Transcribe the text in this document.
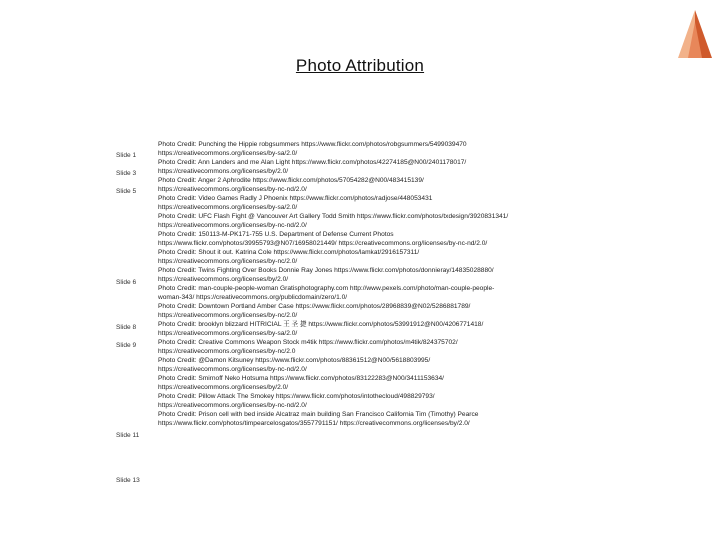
Photo Attribution
Slide 1
Slide 3
Slide 5
Slide 6
Slide 8
Slide 9
Slide 11
Slide 13
Photo Credit: Punching the Hippie robgsummers https://www.flickr.com/photos/robgsummers/5499039470
https://creativecommons.org/licenses/by-sa/2.0/
Photo Credit: Ann Landers and me Alan Light https://www.flickr.com/photos/42274185@N00/2401178017/
https://creativecommons.org/licenses/by/2.0/
Photo Credit: Anger 2 Aphrodite https://www.flickr.com/photos/57054282@N00/483415139/
https://creativecommons.org/licenses/by-nc-nd/2.0/
Photo Credit: Video Games Radly J Phoenix https://www.flickr.com/photos/radjose/448053431
https://creativecommons.org/licenses/by-sa/2.0/
Photo Credit: UFC Flash Fight @ Vancouver Art Gallery Todd Smith https://www.flickr.com/photos/txdesign/3920831341/
https://creativecommons.org/licenses/by-nc-nd/2.0/
Photo Credit: 150113-M-PK171-755 U.S. Department of Defense Current Photos
https://www.flickr.com/photos/39955793@N07/16958021449/ https://creativecommons.org/licenses/by-nc-nd/2.0/
Photo Credit: Shout it out. Katrina Cole https://www.flickr.com/photos/lamkat/2916157311/
https://creativecommons.org/licenses/by-nc/2.0/
Photo Credit: Twins Fighting Over Books Donnie Ray Jones https://www.flickr.com/photos/donnieray/14835028880/
https://creativecommons.org/licenses/by/2.0/
Photo Credit: man-couple-people-woman Gratisphotography.com http://www.pexels.com/photo/man-couple-people-
woman-343/ https://creativecommons.org/publicdomain/zero/1.0/
Photo Credit: Downtown Portland Amber Case https://www.flickr.com/photos/28968839@N02/5286881789/
https://creativecommons.org/licenses/by-nc/2.0/
Photo Credit: brooklyn blizzard HITRICIAL 王 圣 捷 https://www.flickr.com/photos/53991912@N00/4206771418/
https://creativecommons.org/licenses/by-sa/2.0/
Photo Credit: Creative Commons Weapon Stock m4tik https://www.flickr.com/photos/m4tik/824375702/
https://creativecommons.org/licenses/by-nc/2.0
Photo Credit: @Damon Kitsuney https://www.flickr.com/photos/88361512@N00/5618803995/
https://creativecommons.org/licenses/by-nc-nd/2.0/
Photo Credit: Smirnoff Neko Hotsuma https://www.flickr.com/photos/83122283@N00/3411153634/
https://creativecommons.org/licenses/by/2.0/
Photo Credit: Pillow Attack The Smokey https://www.flickr.com/photos/intothecloud/498829793/
https://creativecommons.org/licenses/by-nc-nd/2.0/
Photo Credit: Prison cell with bed inside Alcatraz main building San Francisco California Tim (Timothy) Pearce
https://www.flickr.com/photos/timpearcelosgatos/3557791151/ https://creativecommons.org/licenses/by/2.0/
